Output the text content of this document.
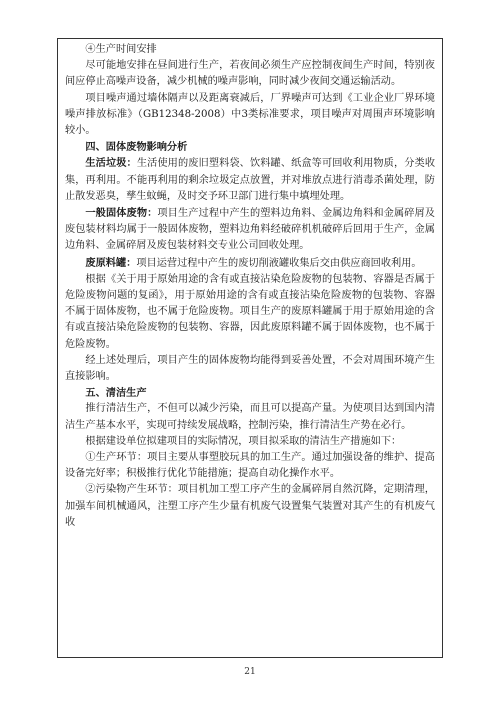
④生产时间安排

尽可能地安排在昼间进行生产，若夜间必须生产应控制夜间生产时间，特别夜间应停止高噪声设备，减少机械的噪声影响，同时减少夜间交通运输活动。

项目噪声通过墙体隔声以及距离衰减后，厂界噪声可达到《工业企业厂界环境噪声排放标准》（GB12348-2008）中3类标准要求，项目噪声对周围声环境影响较小。

四、固体废物影响分析

生活垃圾：生活使用的废旧塑料袋、饮料罐、纸盒等可回收利用物质，分类收集，再利用。不能再利用的剩余垃圾定点放置，并对堆放点进行消毒杀菌处理，防止散发恶臭，孳生蚊蝇，及时交予环卫部门进行集中填埋处理。

一般固体废物：项目生产过程中产生的塑料边角料、金属边角料和金属碎屑及废包装材料均属于一般固体废物，塑料边角料经破碎机机破碎后回用于生产，金属边角料、金属碎屑及废包装材料交专业公司回收处理。

废原料罐：项目运营过程中产生的废切削液罐收集后交由供应商回收利用。

根据《关于用于原始用途的含有或直接沾染危险废物的包装物、容器是否属于危险废物问题的复函》，用于原始用途的含有或直接沾染危险废物的包装物、容器不属于固体废物，也不属于危险废物。项目生产的废原料罐属于用于原始用途的含有或直接沾染危险废物的包装物、容器，因此废原料罐不属于固体废物，也不属于危险废物。

经上述处理后，项目产生的固体废物均能得到妥善处置，不会对周围环境产生直接影响。

五、清洁生产

推行清洁生产，不但可以减少污染，而且可以提高产量。为使项目达到国内清洁生产基本水平，实现可持续发展战略，控制污染，推行清洁生产势在必行。

根据建设单位拟建项目的实际情况，项目拟采取的清洁生产措施如下：

①生产环节：项目主要从事塑胶玩具的加工生产。通过加强设备的维护、提高设备完好率；积极推行优化节能措施；提高自动化操作水平。

②污染物产生环节：项目机加工型工序产生的金属碎屑自然沉降，定期清理，加强车间机械通风，注塑工序产生少量有机废气设置集气装置对其产生的有机废气收

21
